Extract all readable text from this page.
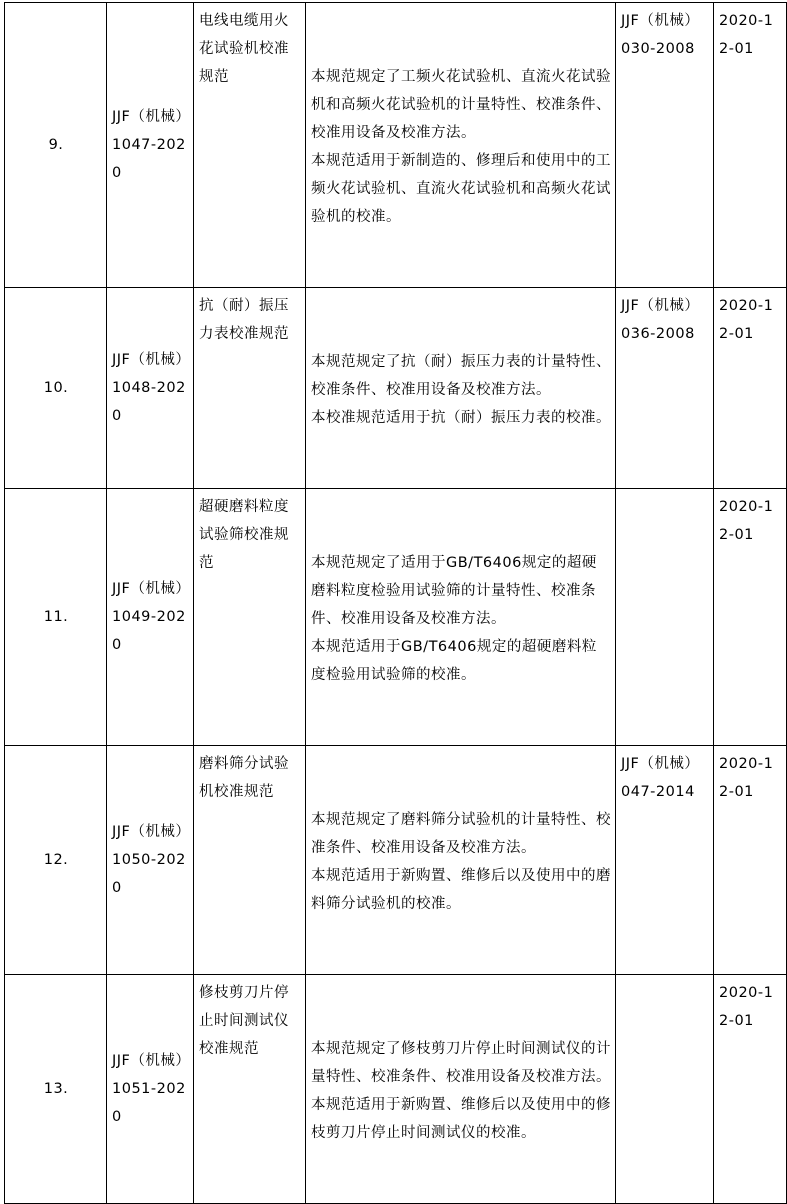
9.	JJF（机械）1047-2020	电线电缆用火花试验机校准规范	本规范规定了工频火花试验机、直流火花试验机和高频火花试验机的计量特性、校准条件、校准用设备及校准方法。
本规范适用于新制造的、修理后和使用中的工频火花试验机、直流火花试验机和高频火花试验机的校准。	JJF（机械）030-2008	2020-12-01
10.	JJF（机械）1048-2020	抗（耐）振压力表校准规范	本规范规定了抗（耐）振压力表的计量特性、校准条件、校准用设备及校准方法。
本校准规范适用于抗（耐）振压力表的校准。	JJF（机械）036-2008	2020-12-01
11.	JJF（机械）1049-2020	超硬磨料粒度试验筛校准规范	本规范规定了适用于GB/T6406规定的超硬磨料粒度检验用试验筛的计量特性、校准条件、校准用设备及校准方法。
本规范适用于GB/T6406规定的超硬磨料粒度检验用试验筛的校准。		2020-12-01
12.	JJF（机械）1050-2020	磨料筛分试验机校准规范	本规范规定了磨料筛分试验机的计量特性、校准条件、校准用设备及校准方法。
本规范适用于新购置、维修后以及使用中的磨料筛分试验机的校准。	JJF（机械）047-2014	2020-12-01
13.	JJF（机械）1051-2020	修枝剪刀片停止时间测试仪校准规范	本规范规定了修枝剪刀片停止时间测试仪的计量特性、校准条件、校准用设备及校准方法。
本规范适用于新购置、维修后以及使用中的修枝剪刀片停止时间测试仪的校准。		2020-12-01
